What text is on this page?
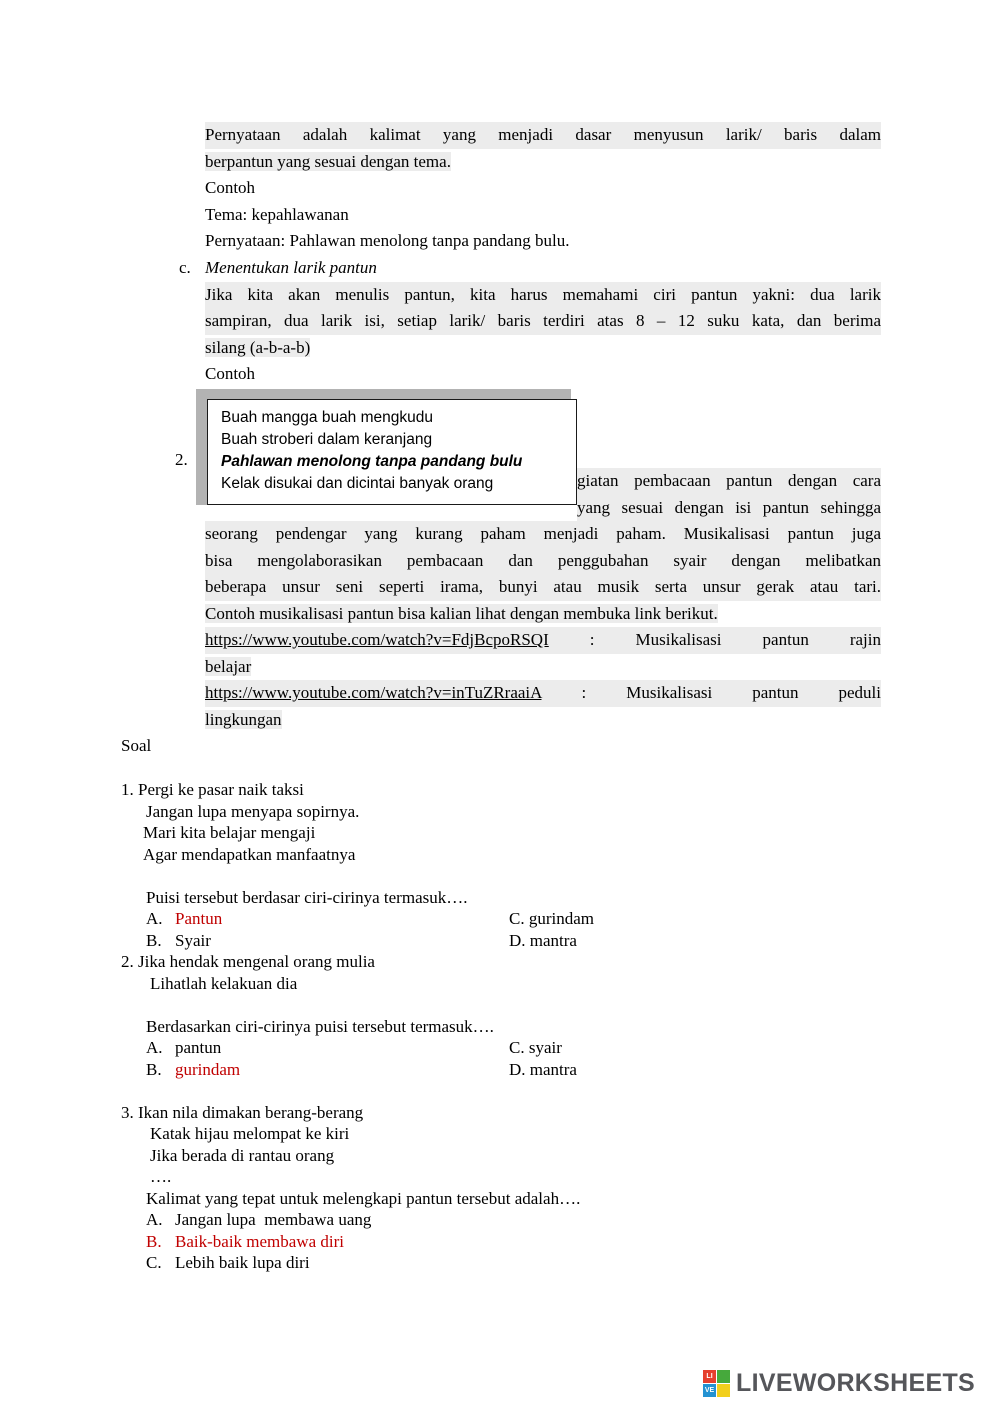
Pernyataan adalah kalimat yang menjadi dasar menyusun larik/ baris dalam
berpantun yang sesuai dengan tema.
Contoh
Tema: kepahlawanan
Pernyataan: Pahlawan menolong tanpa pandang bulu.
c. Menentukan larik pantun
Jika kita akan menulis pantun, kita harus memahami ciri pantun yakni: dua larik
sampiran, dua larik isi, setiap larik/ baris terdiri atas 8 – 12 suku kata, dan berima
silang (a-b-a-b)
Contoh
2.
giatan pembacaan pantun dengan cara
yang sesuai dengan isi pantun sehingga
seorang pendengar yang kurang paham menjadi paham. Musikalisasi pantun juga
bisa mengolaborasikan pembacaan dan penggubahan syair dengan melibatkan
beberapa unsur seni seperti irama, bunyi atau musik serta unsur gerak atau tari.
Contoh musikalisasi pantun bisa kalian lihat dengan membuka link berikut.
https://www.youtube.com/watch?v=FdjBcpoRSQI : Musikalisasi pantun rajin
belajar
https://www.youtube.com/watch?v=inTuZRraaiA : Musikalisasi pantun peduli
lingkungan
Buah mangga buah mengkudu
Buah stroberi dalam keranjang
Pahlawan menolong tanpa pandang bulu
Kelak disukai dan dicintai banyak orang
Soal
1. Pergi ke pasar naik taksi
Jangan lupa menyapa sopirnya.
Mari kita belajar mengaji
Agar mendapatkan manfaatnya
Puisi tersebut berdasar ciri-cirinya termasuk….
A. Pantun	C. gurindam
B. Syair	D. mantra
2. Jika hendak mengenal orang mulia
Lihatlah kelakuan dia
Berdasarkan ciri-cirinya puisi tersebut termasuk….
A. pantun	C. syair
B. gurindam	D. mantra
3. Ikan nila dimakan berang-berang
Katak hijau melompat ke kiri
Jika berada di rantau orang
….
Kalimat yang tepat untuk melengkapi pantun tersebut adalah….
A. Jangan lupa  membawa uang
B. Baik-baik membawa diri
C. Lebih baik lupa diri
LI
VE LIVEWORKSHEETS
